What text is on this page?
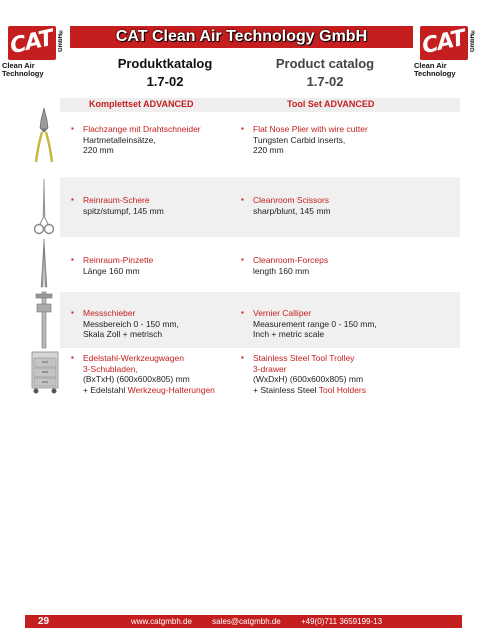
CAT GmbH®
Clean Air
Technology
CAT Clean Air Technology GmbH CAT GmbH®
Clean Air
Technology
Produktkatalog
1.7-02
Product catalog
1.7-02
Komplettset ADVANCED	Tool Set ADVANCED
▪ Flachzange mit Drahtschneider
Hartmetalleinsätze,
220 mm
▪ Flat Nose Plier with wire cutter
Tungsten Carbid inserts,
220 mm
▪ Reinraum-Schere
spitz/stumpf, 145 mm
▪ Cleanroom Scissors
sharp/blunt, 145 mm
▪ Reinraum-Pinzette
Länge 160 mm
▪ Cleanroom-Forceps
length 160 mm
▪ Messschieber
Messbereich 0 - 150 mm,
Skala Zoll + metrisch
▪ Vernier Calliper
Measurement range 0 - 150 mm,
Inch + metric scale
▪ Edelstahl-Werkzeugwagen
3-Schubladen,
(BxTxH) (600x600x805) mm
+ Edelstahl Werkzeug-Halterungen
▪ Stainless Steel Tool Trolley
3-drawer
(WxDxH) (600x600x805) mm
+ Stainless Steel Tool Holders
29	www.catgmbh.de	sales@catgmbh.de	+49(0)711 3659199-13
